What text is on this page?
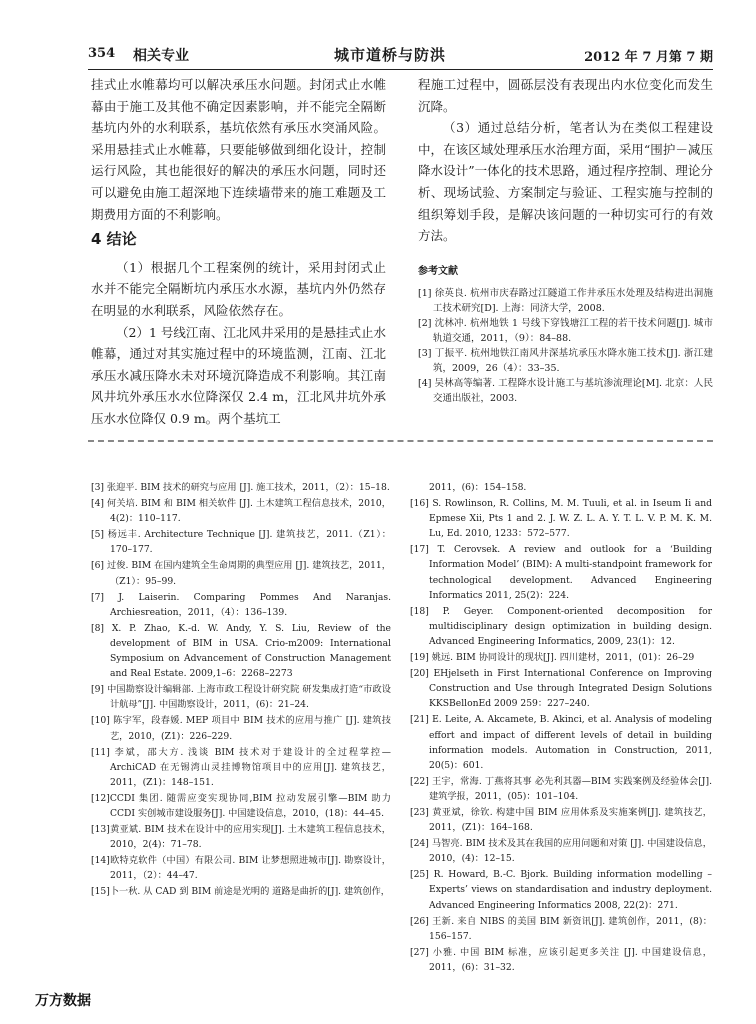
354 相关专业	城市道桥与防洪	2012 年 7 月第 7 期

挂式止水帷幕均可以解决承压水问题。封闭式止水帷幕由于施工及其他不确定因素影响，并不能完全隔断基坑内外的水利联系，基坑依然有承压水突涌风险。采用悬挂式止水帷幕，只要能够做到细化设计，控制运行风险，其也能很好的解决的承压水问题，同时还可以避免由施工超深地下连续墙带来的施工难题及工期费用方面的不利影响。

4 结论

（1）根据几个工程案例的统计，采用封闭式止水并不能完全隔断坑内承压水水源，基坑内外仍然存在明显的水利联系，风险依然存在。

（2）1 号线江南、江北风井采用的是悬挂式止水帷幕，通过对其实施过程中的环境监测，江南、江北承压水减压降水未对环境沉降造成不利影响。其江南风井坑外承压水水位降深仅 2.4 m，江北风井坑外承压水水位降仅 0.9 m。两个基坑工

程施工过程中，圆砾层没有表现出内水位变化而发生沉降。

（3）通过总结分析，笔者认为在类似工程建设中，在该区域处理承压水治理方面，采用“围护－减压降水设计”一体化的技术思路，通过程序控制、理论分析、现场试验、方案制定与验证、工程实施与控制的组织筹划手段，是解决该问题的一种切实可行的有效方法。

参考文献

[1] 徐英良. 杭州市庆春路过江隧道工作井承压水处理及结构进出洞施工技术研究[D]. 上海：同济大学，2008.

[2] 沈林冲. 杭州地铁 1 号线下穿钱塘江工程的若干技术问题[J]. 城市轨道交通，2011，（9）：84–88.

[3] 丁振平. 杭州地铁江南风井深基坑承压水降水施工技术[J]. 浙江建筑，2009，26（4）：33–35.

[4] 吴林高等编著. 工程降水设计施工与基坑渗流理论[M]. 北京：人民交通出版社，2003.

[3] 张迎平. BIM 技术的研究与应用 [J]. 施工技术，2011，（2）：15–18.

[4] 何关培. BIM 和 BIM 相关软件 [J]. 土木建筑工程信息技术，2010，4(2)：110–117.

[5] 杨远丰. Architecture Technique [J]. 建筑技艺，2011.（Z1）：170–177.

[6] 过俊. BIM 在国内建筑全生命周期的典型应用 [J]. 建筑技艺，2011，（Z1）：95–99.

[7] J. Laiserin. Comparing Pommes And Naranjas. Archiesreation，2011，（4）：136–139.

[8] X. P. Zhao, K.-d. W. Andy, Y. S. Liu, Review of the development of BIM in USA. Crio-m2009: International Symposium on Advancement of Construction Management and Real Estate. 2009,1–6：2268–2273

[9] 中国勘察设计编辑部. 上海市政工程设计研究院 研发集成打造“市政设计航母”[J]. 中国勘察设计，2011，(6)：21–24.

[10] 陈宇军，段春媛. MEP 项目中 BIM 技术的应用与推广 [J]. 建筑技艺，2010，(Z1)：226–229.

[11] 李斌，邵大方. 浅谈 BIM 技术对于建设计的全过程掌控—ArchiCAD 在无锡湾山灵挂博物馆项目中的应用[J]. 建筑技艺，2011，(Z1)：148–151.

[12]CCDI 集团. 随需应变实现协同,BIM 拉动发展引擎—BIM 助力CCDI 实创城市建设服务[J]. 中国建设信息，2010，(18)：44–45.

[13]黄亚斌. BIM 技术在设计中的应用实现[J]. 土木建筑工程信息技术，2010，2(4)：71–78.

[14]欧特克软件（中国）有限公司. BIM 让梦想照进城市[J]. 勘察设计，2011，（2）：44–47.

[15]卜一秋. 从 CAD 到 BIM 前途是光明的 道路是曲折的[J]. 建筑创作，

2011，(6)：154–158.

[16] S. Rowlinson, R. Collins, M. M. Tuuli, et al. in Iseum Ii and Epmese Xii, Pts 1 and 2. J. W. Z. L. A. Y. T. L. V. P. M. K. M. Lu, Ed. 2010, 1233：572–577.

[17] T. Cerovsek. A review and outlook for a ‘Building Information Model’ (BIM): A multi-standpoint framework for technological development. Advanced Engineering Informatics 2011, 25(2)：224.

[18] P. Geyer. Component-oriented decomposition for multidisciplinary design optimization in building design. Advanced Engineering Informatics, 2009, 23(1)：12.

[19] 姚远. BIM 协同设计的现状[J]. 四川建材，2011，(01)：26–29

[20] EHjelseth in First International Conference on Improving Construction and Use through Integrated Design Solutions KKSBellonEd 2009 259：227–240.

[21] E. Leite, A. Akcamete, B. Akinci, et al. Analysis of modeling effort and impact of different levels of detail in building information models. Automation in Construction, 2011, 20(5)：601.

[22] 王宇，常海. 丁燕将其事 必先利其器—BIM 实践案例及经验体会[J]. 建筑学报，2011，(05)：101–104.

[23] 黄亚斌，徐钦. 构建中国 BIM 应用体系及实施案例[J]. 建筑技艺，2011，(Z1)：164–168.

[24] 马智亮. BIM 技术及其在我国的应用问题和对策 [J]. 中国建设信息，2010，(4)：12–15.

[25] R. Howard, B.-C. Bjork. Building information modelling – Experts’ views on standardisation and industry deployment. Advanced Engineering Informatics 2008, 22(2)：271.

[26] 王新. 来自 NIBS 的美国 BIM 新资讯[J]. 建筑创作，2011，(8)：156–157.

[27] 小雅. 中国 BIM 标准，应该引起更多关注 [J]. 中国建设信息，2011，(6)：31–32.

万方数据
